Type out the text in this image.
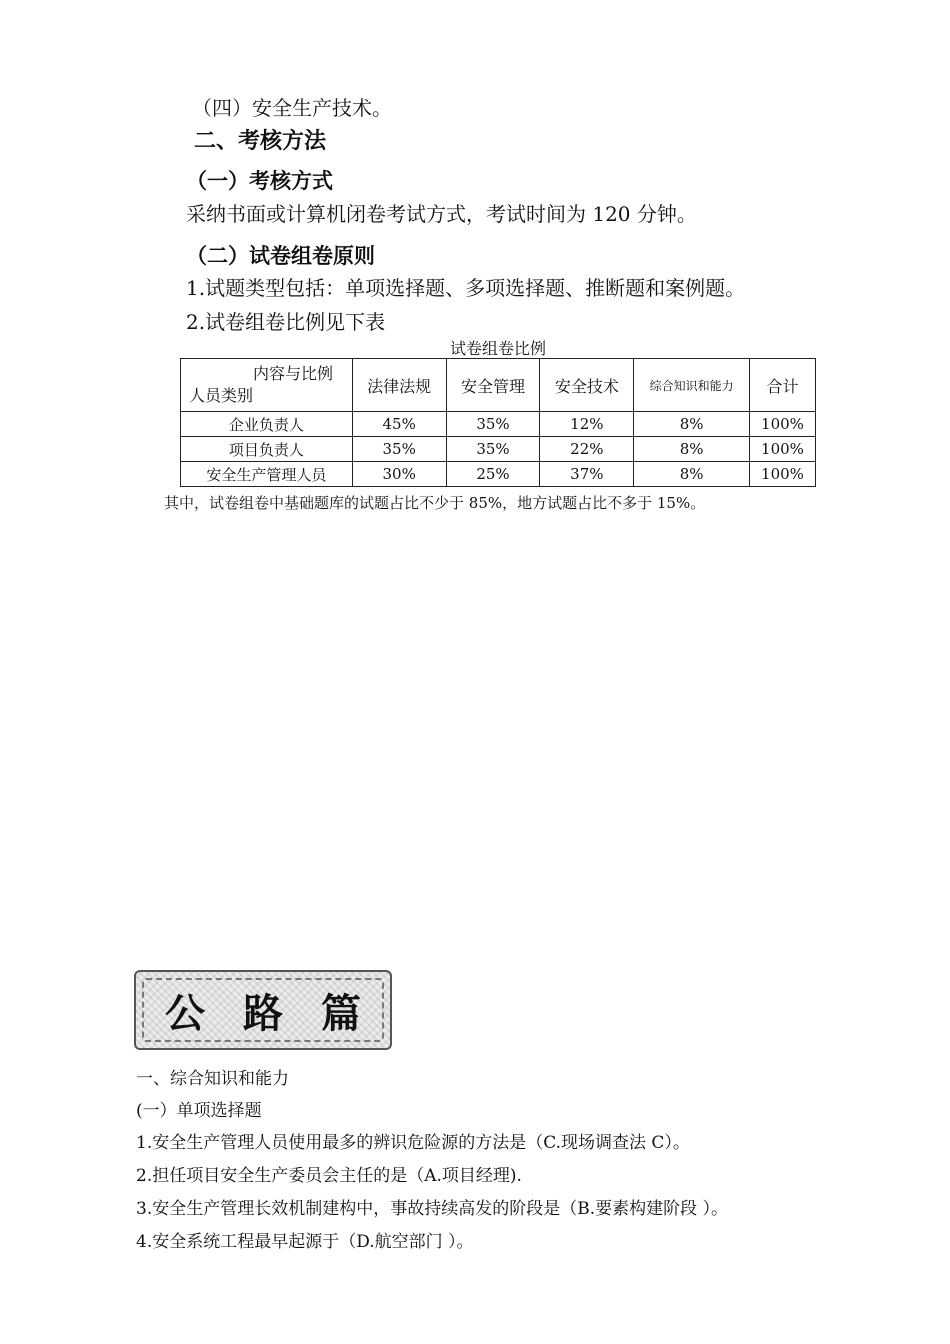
（四）安全生产技术。
二、考核方法
（一）考核方式
采纳书面或计算机闭卷考试方式，考试时间为 120 分钟。
（二）试卷组卷原则
1.试题类型包括：单项选择题、多项选择题、推断题和案例题。
2.试卷组卷比例见下表
试卷组卷比例
内容与比例
人员类别	法律法规	安全管理	安全技术	综合知识和能力	合计
企业负责人	45%	35%	12%	8%	100%
项目负责人	35%	35%	22%	8%	100%
安全生产管理人员	30%	25%	37%	8%	100%
其中，试卷组卷中基础题库的试题占比不少于 85%，地方试题占比不多于 15%。
公路篇
一、综合知识和能力
(一）单项选择题
1.安全生产管理人员使用最多的辨识危险源的方法是（C.现场调查法 C）。
2.担任项目安全生产委员会主任的是（A.项目经理).
3.安全生产管理长效机制建构中，事故持续高发的阶段是（B.要素构建阶段 ）。
4.安全系统工程最早起源于（D.航空部门 ）。
